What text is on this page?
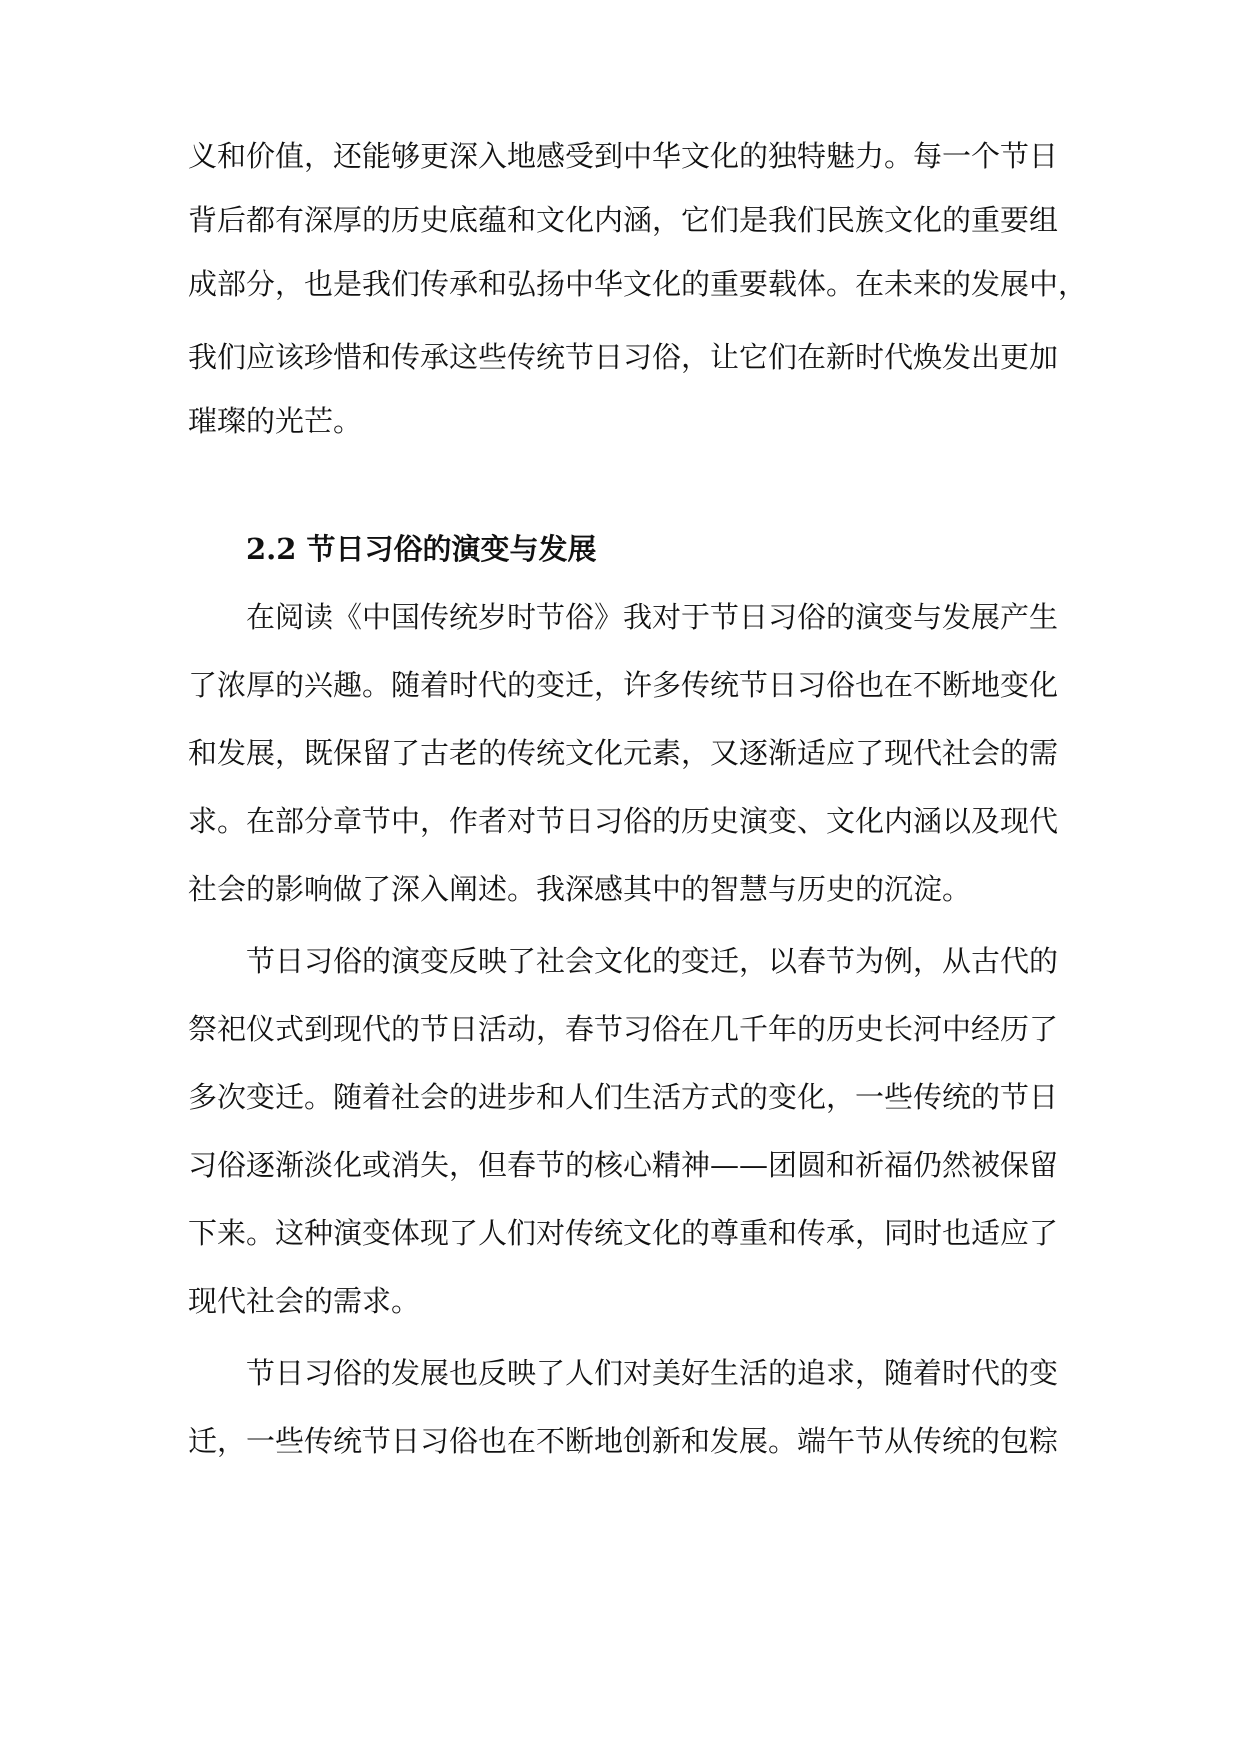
义和价值，还能够更深入地感受到中华文化的独特魅力。每一个节日
背后都有深厚的历史底蕴和文化内涵，它们是我们民族文化的重要组
成部分，也是我们传承和弘扬中华文化的重要载体。在未来的发展中，
我们应该珍惜和传承这些传统节日习俗，让它们在新时代焕发出更加
璀璨的光芒。
2.2 节日习俗的演变与发展
在阅读《中国传统岁时节俗》我对于节日习俗的演变与发展产生
了浓厚的兴趣。随着时代的变迁，许多传统节日习俗也在不断地变化
和发展，既保留了古老的传统文化元素，又逐渐适应了现代社会的需
求。在部分章节中，作者对节日习俗的历史演变、文化内涵以及现代
社会的影响做了深入阐述。我深感其中的智慧与历史的沉淀。
节日习俗的演变反映了社会文化的变迁，以春节为例，从古代的
祭祀仪式到现代的节日活动，春节习俗在几千年的历史长河中经历了
多次变迁。随着社会的进步和人们生活方式的变化，一些传统的节日
习俗逐渐淡化或消失，但春节的核心精神——团圆和祈福仍然被保留
下来。这种演变体现了人们对传统文化的尊重和传承，同时也适应了
现代社会的需求。
节日习俗的发展也反映了人们对美好生活的追求，随着时代的变
迁，一些传统节日习俗也在不断地创新和发展。端午节从传统的包粽
